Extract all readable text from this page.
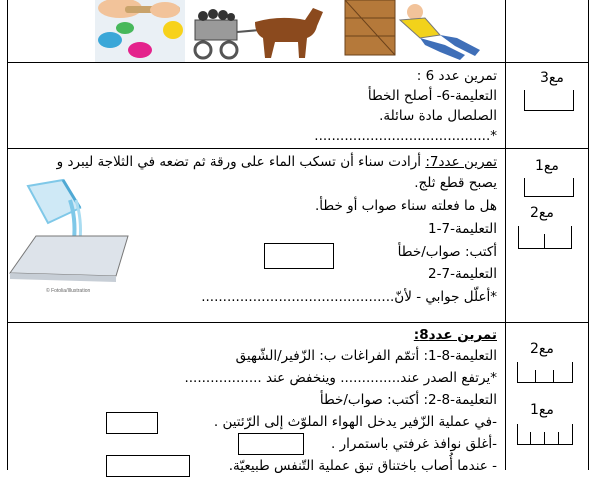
تمرين عدد 6 :
التعليمة-6- أصلح الخطأ
الصلصال مادة سائلة.
*.........................................
مع3
تمرين عدد7: أرادت سناء أن تسكب الماء على ورقة ثم تضعه في الثلاجة ليبرد و
يصبح قطع ثلج.
هل ما فعلته سناء صواب أو خطأ.
التعليمة-7-1
أكتب: صواب/خطأ
التعليمة-7-2
*أعلّل جوابي - لأنّ.............................................
© Fotolia/Illustration
مع1
مع2
تمرين عدد8:
التعليمة-8-1: أتمّم الفراغات ب: الزّفير/الشّهيق
*يرتفع الصدر عند.............. وينخفض عند ..................
التعليمة-8-2: أكتب: صواب/خطأ
-في عملية الزّفير يدخل الهواء الملوّث إلى الرّئتين .
-أغلق نوافذ غرفتي باستمرار .
- عندما أُصاب باختناق تبق عملية التّنفس طبيعيّة.
مع2
مع1
